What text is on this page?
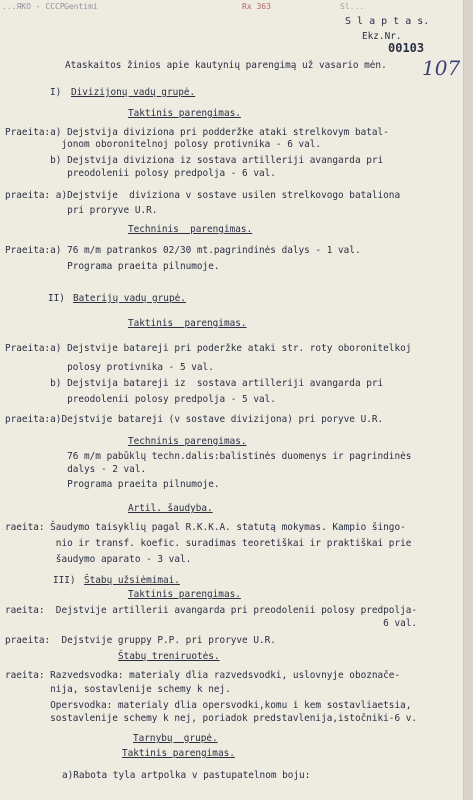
...ЯКО - СССР Gentimi	Rx 363	Sl...
S l a p t a s.
Ekz.Nr.
00103
107
Ataskaitos žinios apie kautynių parengimą už vasario mėn.
I) Divizijonų vadų grupė.
Taktinis parengimas.
Praeita:a) Dejstvija diviziona pri podderžke ataki strelkovym batal-
jonom oboronitelnoj polosy protivnika - 6 val.
b) Dejstvija diviziona iz sostava artillerijі avangarda pri
preodolenii polosy predpolja - 6 val.
praeita: a)Dejstvije  diviziona v sostave usilen strelkovogo batalіona
pri proryve U.R.
Techninis  parengimas.
Praeita:a) 76 m/m patrankos 02/30 mt.pagrindinės dalys - 1 val.
Programa praeita pilnumoje.
II) Baterijų vadų grupė.
Taktinis  parengimas.
Praeita:a) Dejstvije batareji pri poderžke ataki str. roty oboronitelkoj
polosy protivnika - 5 val.
b) Dejstvija batareji iz  sostava artillerijі avangarda pri
preodolenii polosy predpolja - 5 val.
praeita:a)Dejstvije batareji (v sostave divizijona) pri poryve U.R.
Techninis parengimas.
76 m/m pabūklų techn.dalis:balistinės duomenys ir pagrindinės
dalys - 2 val.
Programa praeita pilnumoje.
Artil. šaudyba.
raeita: Šaudymo taisyklių pagal R.K.K.A. statutą mokymas. Kampio šingo-
nio ir transf. koefic. suradimas teoretiškai ir praktiškai prie
šaudymo aparato - 3 val.
III) Štabų užsiėmimai.
Taktinis parengimas.
raeita:  Dejstvije artillerii avangarda pri preodolenii polosy predpolja-
6 val.
praeita:  Dejstvije gruppy P.P. pri proryve U.R.
Štabų treniruotės.
raeita: Razvedsvodka: materialy dlia razvedsvodki, uslovnyje oboznače-
nija, sostavlenije schemy k nej.
Opersvodka: materialy dlia opersvodki,komu i kem sostavliaetsia,
sostavlenije schemy k nej, poriadok predstavlenija,istočniki-6 v.
Tarnybų  grupė.
Taktinis parengimas.
a)Rabota tyla artpolka v pastupatelnom boju:
